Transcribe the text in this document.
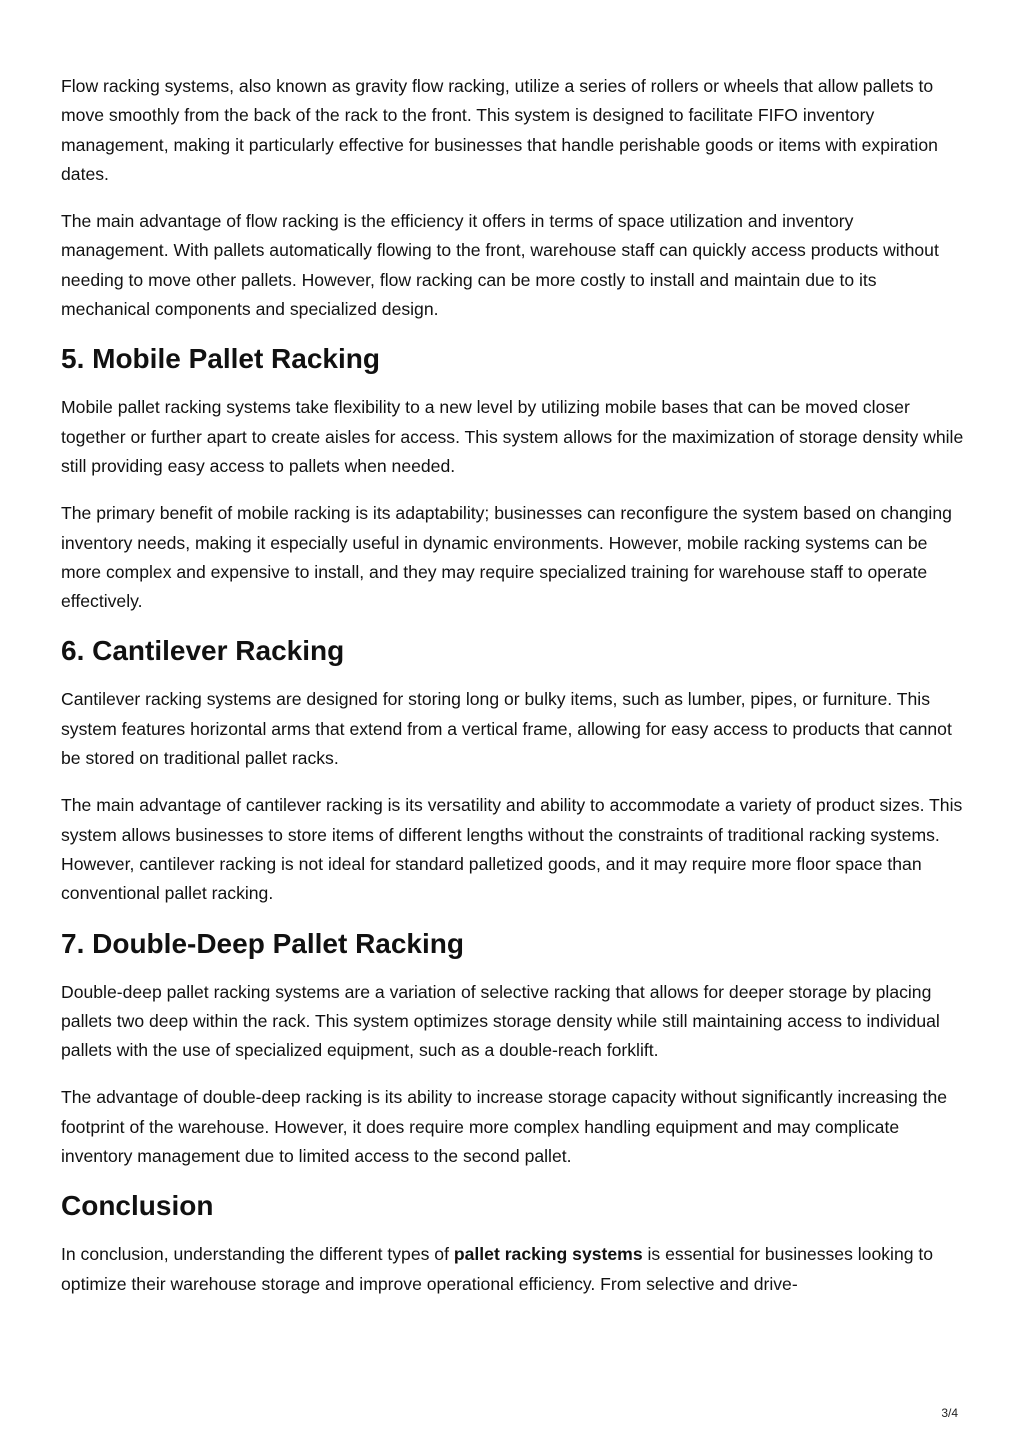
Flow racking systems, also known as gravity flow racking, utilize a series of rollers or wheels that allow pallets to move smoothly from the back of the rack to the front. This system is designed to facilitate FIFO inventory management, making it particularly effective for businesses that handle perishable goods or items with expiration dates.

The main advantage of flow racking is the efficiency it offers in terms of space utilization and inventory management. With pallets automatically flowing to the front, warehouse staff can quickly access products without needing to move other pallets. However, flow racking can be more costly to install and maintain due to its mechanical components and specialized design.

5. Mobile Pallet Racking

Mobile pallet racking systems take flexibility to a new level by utilizing mobile bases that can be moved closer together or further apart to create aisles for access. This system allows for the maximization of storage density while still providing easy access to pallets when needed.

The primary benefit of mobile racking is its adaptability; businesses can reconfigure the system based on changing inventory needs, making it especially useful in dynamic environments. However, mobile racking systems can be more complex and expensive to install, and they may require specialized training for warehouse staff to operate effectively.

6. Cantilever Racking

Cantilever racking systems are designed for storing long or bulky items, such as lumber, pipes, or furniture. This system features horizontal arms that extend from a vertical frame, allowing for easy access to products that cannot be stored on traditional pallet racks.

The main advantage of cantilever racking is its versatility and ability to accommodate a variety of product sizes. This system allows businesses to store items of different lengths without the constraints of traditional racking systems. However, cantilever racking is not ideal for standard palletized goods, and it may require more floor space than conventional pallet racking.

7. Double-Deep Pallet Racking

Double-deep pallet racking systems are a variation of selective racking that allows for deeper storage by placing pallets two deep within the rack. This system optimizes storage density while still maintaining access to individual pallets with the use of specialized equipment, such as a double-reach forklift.

The advantage of double-deep racking is its ability to increase storage capacity without significantly increasing the footprint of the warehouse. However, it does require more complex handling equipment and may complicate inventory management due to limited access to the second pallet.

Conclusion

In conclusion, understanding the different types of pallet racking systems is essential for businesses looking to optimize their warehouse storage and improve operational efficiency. From selective and drive-

3/4
